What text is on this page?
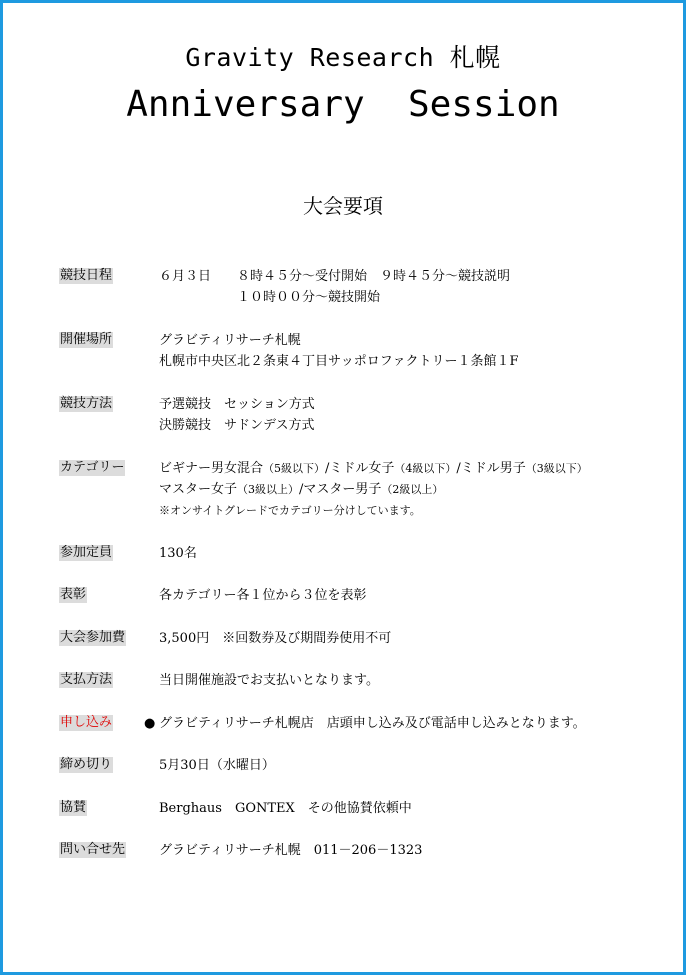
Gravity Research 札幌
Anniversary  Session
大会要項
競技日程	６月３日　　８時４５分～受付開始　９時４５分～競技説明
　　　　　　１０時００分～競技開始
開催場所	グラビティリサーチ札幌
札幌市中央区北２条東４丁目サッポロファクトリー１条館１F
競技方法	予選競技　セッション方式
決勝競技　サドンデス方式
カテゴリー	ビギナー男女混合（5級以下）/ミドル女子（4級以下）/ミドル男子（3級以下）
マスター女子（3級以上）/マスター男子（2級以上）
※オンサイトグレードでカテゴリー分けしています。
参加定員	130名
表彰	各カテゴリー各１位から３位を表彰
大会参加費	3,500円　※回数券及び期間券使用不可
支払方法	当日開催施設でお支払いとなります。
申し込み ● グラビティリサーチ札幌店　店頭申し込み及び電話申し込みとなります。
締め切り	5月30日（水曜日）
協賛	Berghaus　GONTEX　その他協賛依頼中
問い合せ先	グラビティリサーチ札幌　011－206－1323
